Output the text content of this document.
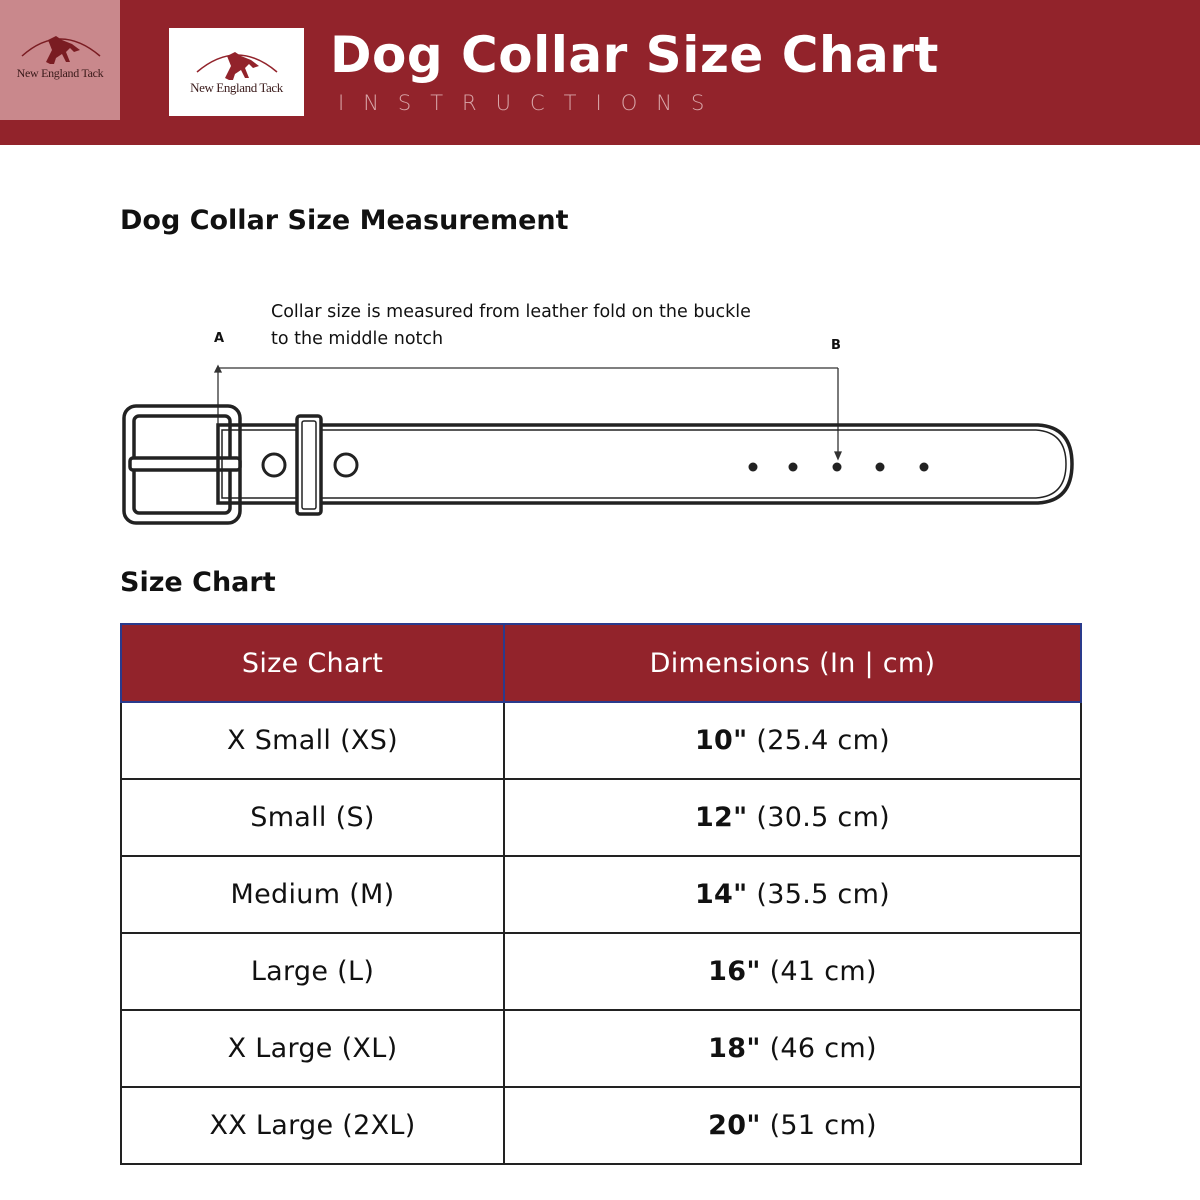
New England Tack
New England Tack
Dog Collar Size Chart
INSTRUCTIONS
Dog Collar Size Measurement
Collar size is measured from leather fold on the buckle
to the middle notch
A	B
Size Chart
Size Chart	Dimensions (In | cm)
X Small (XS)	10" (25.4 cm)
Small (S)	12" (30.5 cm)
Medium (M)	14" (35.5 cm)
Large (L)	16" (41 cm)
X Large (XL)	18" (46 cm)
XX Large (2XL)	20" (51 cm)
